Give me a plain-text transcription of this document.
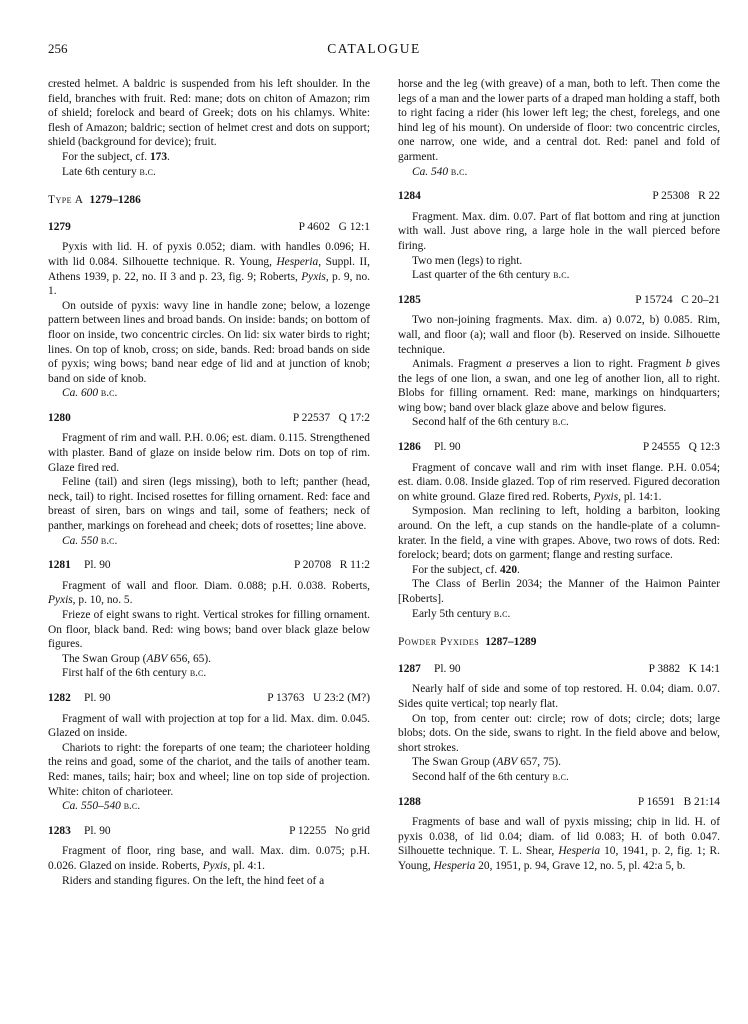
256	CATALOGUE

crested helmet. A baldric is suspended from his left shoulder. In the field, branches with fruit. Red: mane; dots on chiton of Amazon; rim of shield; forelock and beard of Greek; dots on his chlamys. White: flesh of Amazon; baldric; section of helmet crest and dots on support; shield (background for device); fruit.

For the subject, cf. 173.

Late 6th century b.c.

Type A 1279–1286
1279	P 4602   G 12:1

Pyxis with lid. H. of pyxis 0.052; diam. with handles 0.096; H. with lid 0.084. Silhouette technique. R. Young, Hesperia, Suppl. II, Athens 1939, p. 22, no. II 3 and p. 23, fig. 9; Roberts, Pyxis, p. 9, no. 1.

On outside of pyxis: wavy line in handle zone; below, a lozenge pattern between lines and broad bands. On inside: bands; on bottom of floor on inside, two concentric circles. On lid: six water birds to right; lines. On top of knob, cross; on side, bands. Red: broad bands on side of pyxis; wing bows; band near edge of lid and at junction of knob; band on side of knob.

Ca. 600 b.c.

1280	P 22537   Q 17:2

Fragment of rim and wall. P.H. 0.06; est. diam. 0.115. Strengthened with plaster. Band of glaze on inside below rim. Dots on top of rim. Glaze fired red.

Feline (tail) and siren (legs missing), both to left; panther (head, neck, tail) to right. Incised rosettes for filling ornament. Red: face and breast of siren, bars on wings and tail, some of feathers; neck of panther, markings on forehead and cheek; dots of rosettes; line above.

Ca. 550 b.c.

1281	Pl. 90	P 20708   R 11:2

Fragment of wall and floor. Diam. 0.088; p.H. 0.038. Roberts, Pyxis, p. 10, no. 5.

Frieze of eight swans to right. Vertical strokes for filling ornament. On floor, black band. Red: wing bows; band over black glaze below figures.

The Swan Group (ABV 656, 65).

First half of the 6th century b.c.

1282	Pl. 90	P 13763   U 23:2 (M?)

Fragment of wall with projection at top for a lid. Max. dim. 0.045. Glazed on inside.

Chariots to right: the foreparts of one team; the charioteer holding the reins and goad, some of the chariot, and the tails of another team. Red: manes, tails; hair; box and wheel; line on top side of projection. White: chiton of charioteer.

Ca. 550–540 b.c.

1283	Pl. 90	P 12255   No grid

Fragment of floor, ring base, and wall. Max. dim. 0.075; p.H. 0.026. Glazed on inside. Roberts, Pyxis, pl. 4:1.

Riders and standing figures. On the left, the hind feet of a

horse and the leg (with greave) of a man, both to left. Then come the legs of a man and the lower parts of a draped man holding a staff, both to right facing a rider (his lower left leg; the chest, forelegs, and one hind leg of his mount). On underside of floor: two concentric circles, one narrow, one wide, and a central dot. Red: panel and fold of garment.

Ca. 540 b.c.

1284	P 25308   R 22

Fragment. Max. dim. 0.07. Part of flat bottom and ring at junction with wall. Just above ring, a large hole in the wall pierced before firing.

Two men (legs) to right.

Last quarter of the 6th century b.c.

1285	P 15724   C 20–21

Two non-joining fragments. Max. dim. a) 0.072, b) 0.085. Rim, wall, and floor (a); wall and floor (b). Reserved on inside. Silhouette technique.

Animals. Fragment a preserves a lion to right. Fragment b gives the legs of one lion, a swan, and one leg of another lion, all to right. Blobs for filling ornament. Red: mane, markings on hindquarters; wing bow; band over black glaze above and below figures.

Second half of the 6th century b.c.

1286	Pl. 90	P 24555   Q 12:3

Fragment of concave wall and rim with inset flange. P.H. 0.054; est. diam. 0.08. Inside glazed. Top of rim reserved. Figured decoration on white ground. Glaze fired red. Roberts, Pyxis, pl. 14:1.

Symposion. Man reclining to left, holding a barbiton, looking around. On the left, a cup stands on the handle-plate of a column-krater. In the field, a vine with grapes. Above, two rows of dots. Red: forelock; beard; dots on garment; flange and resting surface.

For the subject, cf. 420.

The Class of Berlin 2034; the Manner of the Haimon Painter [Roberts].

Early 5th century b.c.

Powder Pyxides 1287–1289
1287	Pl. 90	P 3882   K 14:1

Nearly half of side and some of top restored. H. 0.04; diam. 0.07. Sides quite vertical; top nearly flat.

On top, from center out: circle; row of dots; circle; dots; large blobs; dots. On the side, swans to right. In the field above and below, short strokes.

The Swan Group (ABV 657, 75).

Second half of the 6th century b.c.

1288	P 16591   B 21:14

Fragments of base and wall of pyxis missing; chip in lid. H. of pyxis 0.038, of lid 0.04; diam. of lid 0.083; H. of both 0.047. Silhouette technique. T. L. Shear, Hesperia 10, 1941, p. 2, fig. 1; R. Young, Hesperia 20, 1951, p. 94, Grave 12, no. 5, pl. 42:a 5, b.
